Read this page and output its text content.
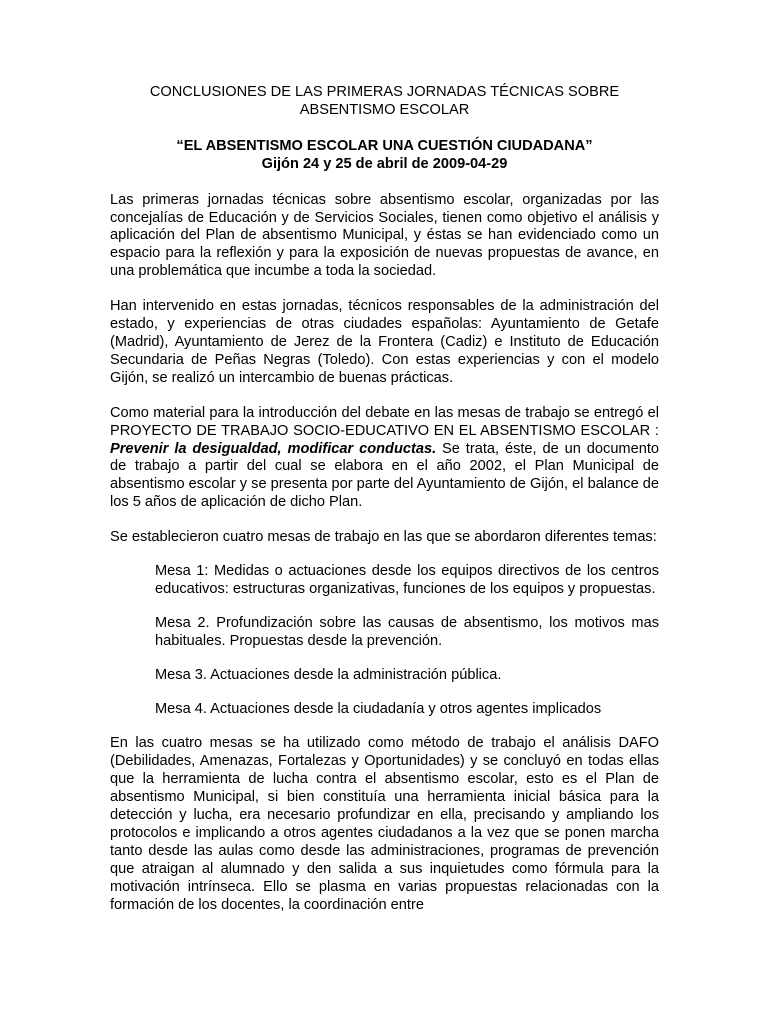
CONCLUSIONES DE LAS PRIMERAS JORNADAS TÉCNICAS SOBRE
ABSENTISMO ESCOLAR
“EL ABSENTISMO ESCOLAR UNA CUESTIÓN CIUDADANA”
Gijón 24 y 25 de abril de 2009-04-29

Las primeras jornadas técnicas sobre absentismo escolar, organizadas por las concejalías de Educación y de Servicios Sociales, tienen como objetivo el análisis y aplicación del Plan de absentismo Municipal, y éstas se han evidenciado como un espacio para la reflexión y para la exposición de nuevas propuestas de avance, en una problemática que incumbe a toda la sociedad.

Han intervenido en estas jornadas, técnicos responsables de la administración del estado, y experiencias de otras ciudades españolas: Ayuntamiento de Getafe (Madrid), Ayuntamiento de Jerez de la Frontera (Cadiz) e Instituto de Educación Secundaria de Peñas Negras (Toledo). Con estas experiencias y con el modelo Gijón, se realizó un intercambio de buenas prácticas.

Como material para la introducción del debate en las mesas de trabajo se entregó el PROYECTO DE TRABAJO SOCIO-EDUCATIVO EN EL ABSENTISMO ESCOLAR : Prevenir la desigualdad, modificar conductas. Se trata, éste, de un documento de trabajo a partir del cual se elabora en el año 2002, el Plan Municipal de absentismo escolar y se presenta por parte del Ayuntamiento de Gijón, el balance de los 5 años de aplicación de dicho Plan.

Se establecieron cuatro mesas de trabajo en las que se abordaron diferentes temas:

Mesa 1: Medidas o actuaciones desde los equipos directivos de los centros educativos: estructuras organizativas, funciones de los equipos y propuestas.

Mesa 2. Profundización sobre las causas de absentismo, los motivos mas habituales. Propuestas desde la prevención.

Mesa 3. Actuaciones desde la administración pública.

Mesa 4. Actuaciones desde la ciudadanía y otros agentes implicados

En las cuatro mesas se ha utilizado como método de trabajo el análisis DAFO (Debilidades, Amenazas, Fortalezas y Oportunidades) y se concluyó en todas ellas que la herramienta de lucha contra el absentismo escolar, esto es el Plan de absentismo Municipal, si bien constituía una herramienta inicial básica para la detección y lucha, era necesario profundizar en ella, precisando y ampliando los protocolos e implicando a otros agentes ciudadanos a la vez que se ponen marcha tanto desde las aulas como desde las administraciones, programas de prevención que atraigan al alumnado y den salida a sus inquietudes como fórmula para la motivación intrínseca. Ello se plasma en varias propuestas relacionadas con la formación de los docentes, la coordinación entre
